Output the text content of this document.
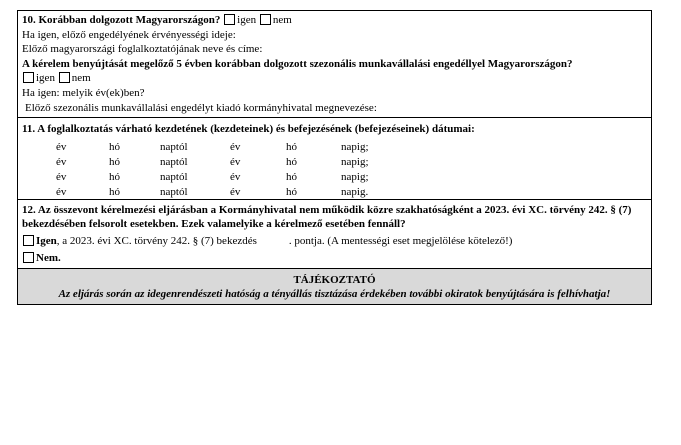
10. Korábban dolgozott Magyarországon? igen nem
Ha igen, előző engedélyének érvényességi ideje:
Előző magyarországi foglalkoztatójának neve és címe:
A kérelem benyújtását megelőző 5 évben korábban dolgozott szezonális munkavállalási engedéllyel Magyarországon?
igen nem
Ha igen: melyik év(ek)ben?
Előző szezonális munkavállalási engedélyt kiadó kormányhivatal megnevezése:
11. A foglalkoztatás várható kezdetének (kezdeteinek) és befejezésének (befejezéseinek) dátumai:
év	hó	naptól	év	hó	napig;
év	hó	naptól	év	hó	napig;
év	hó	naptól	év	hó	napig;
év	hó	naptól	év	hó	napig.
12. Az összevont kérelmezési eljárásban a Kormányhivatal nem működik közre szakhatóságként a 2023. évi XC. törvény 242. § (7) bekezdésében felsorolt esetekben. Ezek valamelyike a kérelmező esetében fennáll?
Igen, a 2023. évi XC. törvény 242. § (7) bekezdés	. pontja. (A mentességi eset megjelölése kötelező!)
Nem.
TÁJÉKOZTATÓ
Az eljárás során az idegenrendészeti hatóság a tényállás tisztázása érdekében további okiratok benyújtására is felhívhatja!
